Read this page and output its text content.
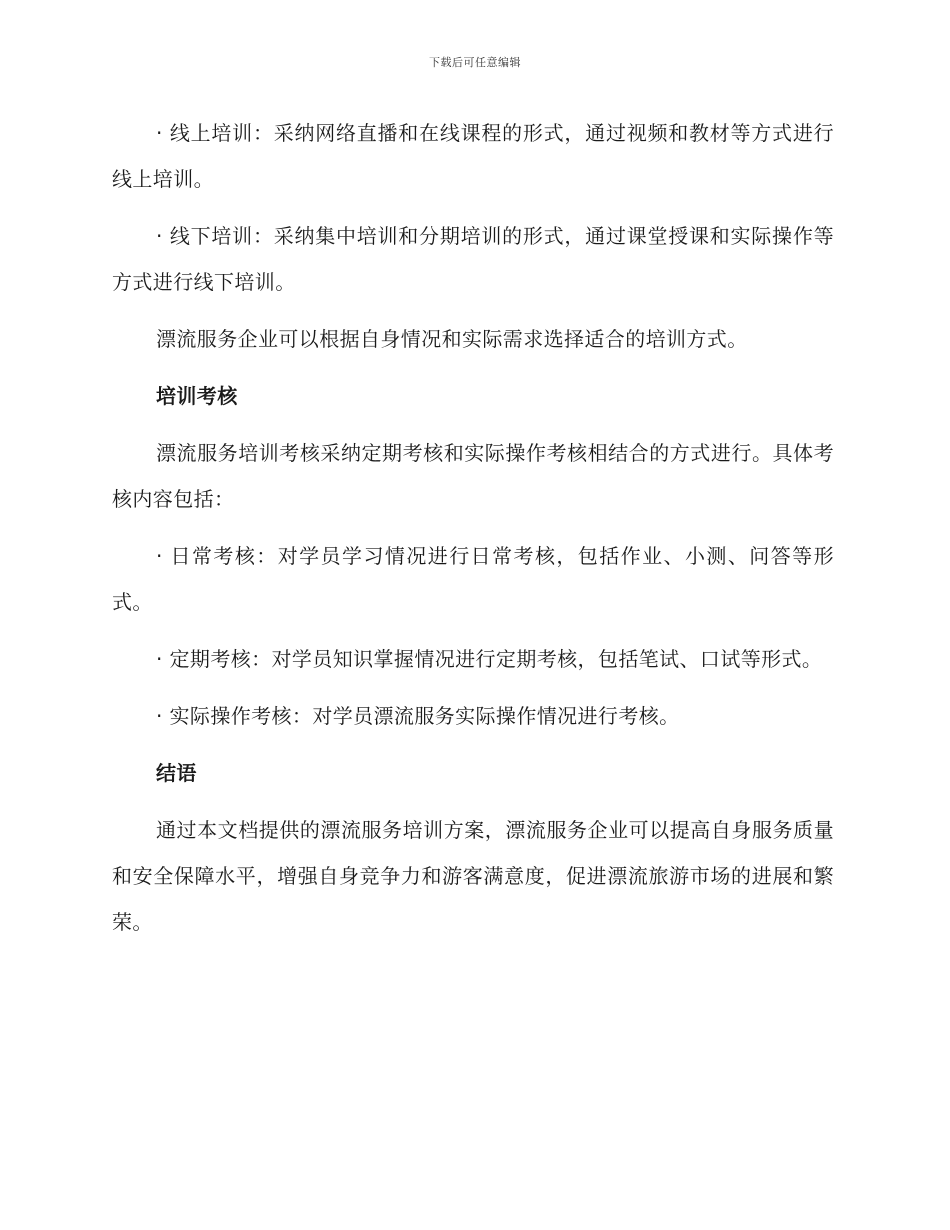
下载后可任意编辑

· 线上培训：采纳网络直播和在线课程的形式，通过视频和教材等方式进行线上培训。

· 线下培训：采纳集中培训和分期培训的形式，通过课堂授课和实际操作等方式进行线下培训。

漂流服务企业可以根据自身情况和实际需求选择适合的培训方式。

培训考核

漂流服务培训考核采纳定期考核和实际操作考核相结合的方式进行。具体考核内容包括：

· 日常考核：对学员学习情况进行日常考核，包括作业、小测、问答等形式。

· 定期考核：对学员知识掌握情况进行定期考核，包括笔试、口试等形式。

· 实际操作考核：对学员漂流服务实际操作情况进行考核。

结语

通过本文档提供的漂流服务培训方案，漂流服务企业可以提高自身服务质量和安全保障水平，增强自身竞争力和游客满意度，促进漂流旅游市场的进展和繁荣。
